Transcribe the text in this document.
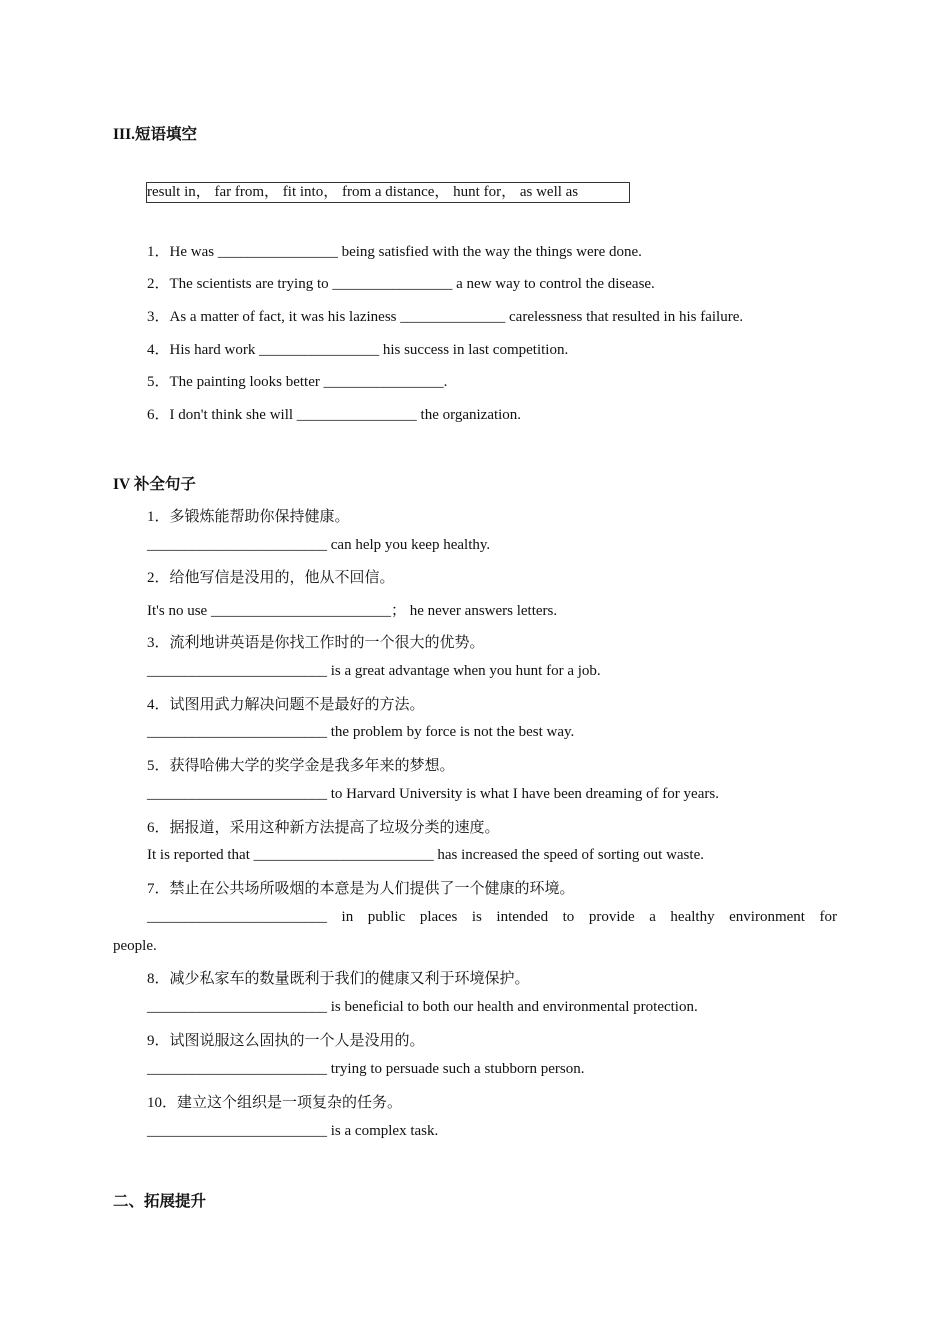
III.短语填空
result in， far from， fit into， from a distance， hunt for， as well as
1．He was ________________ being satisfied with the way the things were done.
2．The scientists are trying to ________________ a new way to control the disease.
3．As a matter of fact, it was his laziness ______________ carelessness that resulted in his failure.
4．His hard work ________________ his success in last competition.
5．The painting looks better ________________.
6．I don't think she will ________________ the organization.
IV 补全句子
1．多锻炼能帮助你保持健康。
________________________ can help you keep healthy.
2．给他写信是没用的，他从不回信。
It's no use ________________________； he never answers letters.
3．流利地讲英语是你找工作时的一个很大的优势。
________________________ is a great advantage when you hunt for a job.
4．试图用武力解决问题不是最好的方法。
________________________ the problem by force is not the best way.
5．获得哈佛大学的奖学金是我多年来的梦想。
________________________ to Harvard University is what I have been dreaming of for years.
6．据报道，采用这种新方法提高了垃圾分类的速度。
It is reported that ________________________ has increased the speed of sorting out waste.
7．禁止在公共场所吸烟的本意是为人们提供了一个健康的环境。
________________________ in public places is intended to provide a healthy environment for
people.
8．减少私家车的数量既利于我们的健康又利于环境保护。
________________________ is beneficial to both our health and environmental protection.
9．试图说服这么固执的一个人是没用的。
________________________ trying to persuade such a stubborn person.
10．建立这个组织是一项复杂的任务。
________________________ is a complex task.
二、拓展提升
